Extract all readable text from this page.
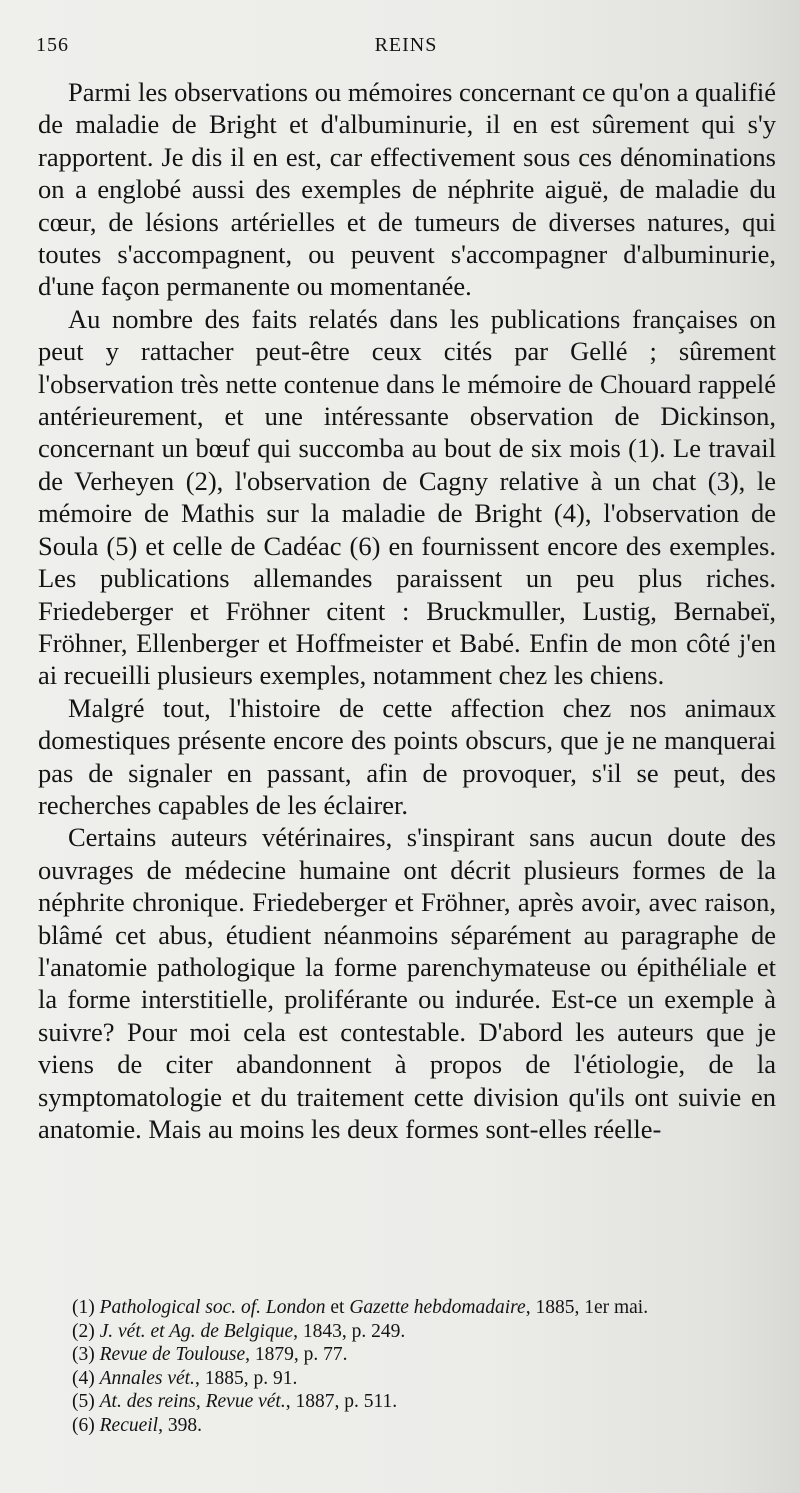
156	REINS

Parmi les observations ou mémoires concernant ce qu'on a qualifié de maladie de Bright et d'albuminurie, il en est sûrement qui s'y rapportent. Je dis il en est, car effectivement sous ces dénominations on a englobé aussi des exemples de néphrite aiguë, de maladie du cœur, de lésions artérielles et de tumeurs de diverses natures, qui toutes s'accompagnent, ou peuvent s'accompagner d'albuminurie, d'une façon permanente ou momentanée.

Au nombre des faits relatés dans les publications françaises on peut y rattacher peut-être ceux cités par Gellé ; sûrement l'observation très nette contenue dans le mémoire de Chouard rappelé antérieurement, et une intéressante observation de Dickinson, concernant un bœuf qui succomba au bout de six mois (1). Le travail de Verheyen (2), l'observation de Cagny relative à un chat (3), le mémoire de Mathis sur la maladie de Bright (4), l'observation de Soula (5) et celle de Cadéac (6) en fournissent encore des exemples. Les publications allemandes paraissent un peu plus riches. Friedeberger et Fröhner citent : Bruckmuller, Lustig, Bernabeï, Fröhner, Ellenberger et Hoffmeister et Babé. Enfin de mon côté j'en ai recueilli plusieurs exemples, notamment chez les chiens.

Malgré tout, l'histoire de cette affection chez nos animaux domestiques présente encore des points obscurs, que je ne manquerai pas de signaler en passant, afin de provoquer, s'il se peut, des recherches capables de les éclairer.

Certains auteurs vétérinaires, s'inspirant sans aucun doute des ouvrages de médecine humaine ont décrit plusieurs formes de la néphrite chronique. Friedeberger et Fröhner, après avoir, avec raison, blâmé cet abus, étudient néanmoins séparément au paragraphe de l'anatomie pathologique la forme parenchymateuse ou épithéliale et la forme interstitielle, proliférante ou indurée. Est-ce un exemple à suivre? Pour moi cela est contestable. D'abord les auteurs que je viens de citer abandonnent à propos de l'étiologie, de la symptomatologie et du traitement cette division qu'ils ont suivie en anatomie. Mais au moins les deux formes sont-elles réelle-

(1) Pathological soc. of. London et Gazette hebdomadaire, 1885, 1er mai.
(2) J. vét. et Ag. de Belgique, 1843, p. 249.
(3) Revue de Toulouse, 1879, p. 77.
(4) Annales vét., 1885, p. 91.
(5) At. des reins, Revue vét., 1887, p. 511.
(6) Recueil, 398.
